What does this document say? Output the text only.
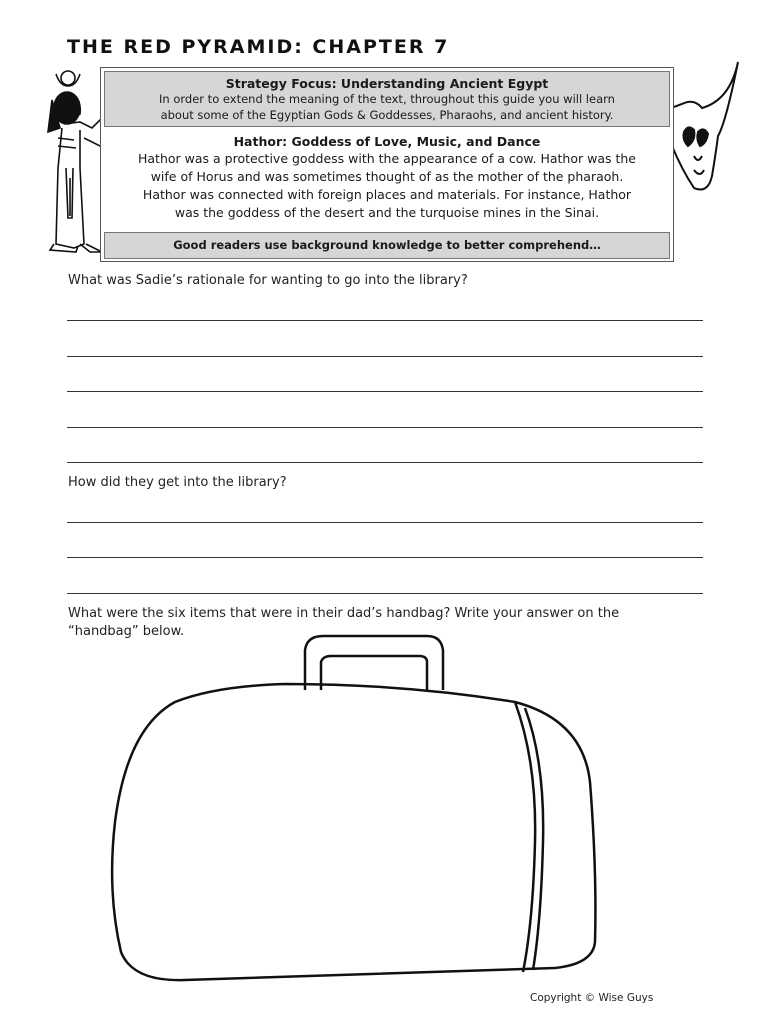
THE RED PYRAMID: CHAPTER 7
Strategy Focus: Understanding Ancient Egypt
In order to extend the meaning of the text, throughout this guide you will learn
about some of the Egyptian Gods & Goddesses, Pharaohs, and ancient history.
Hathor: Goddess of Love, Music, and Dance
Hathor was a protective goddess with the appearance of a cow. Hathor was the
wife of Horus and was sometimes thought of as the mother of the pharaoh.
Hathor was connected with foreign places and materials. For instance, Hathor
was the goddess of the desert and the turquoise mines in the Sinai.
Good readers use background knowledge to better comprehend…
What was Sadie’s rationale for wanting to go into the library?
How did they get into the library?
What were the six items that were in their dad’s handbag? Write your answer on the
“handbag” below.
Copyright © Wise Guys
